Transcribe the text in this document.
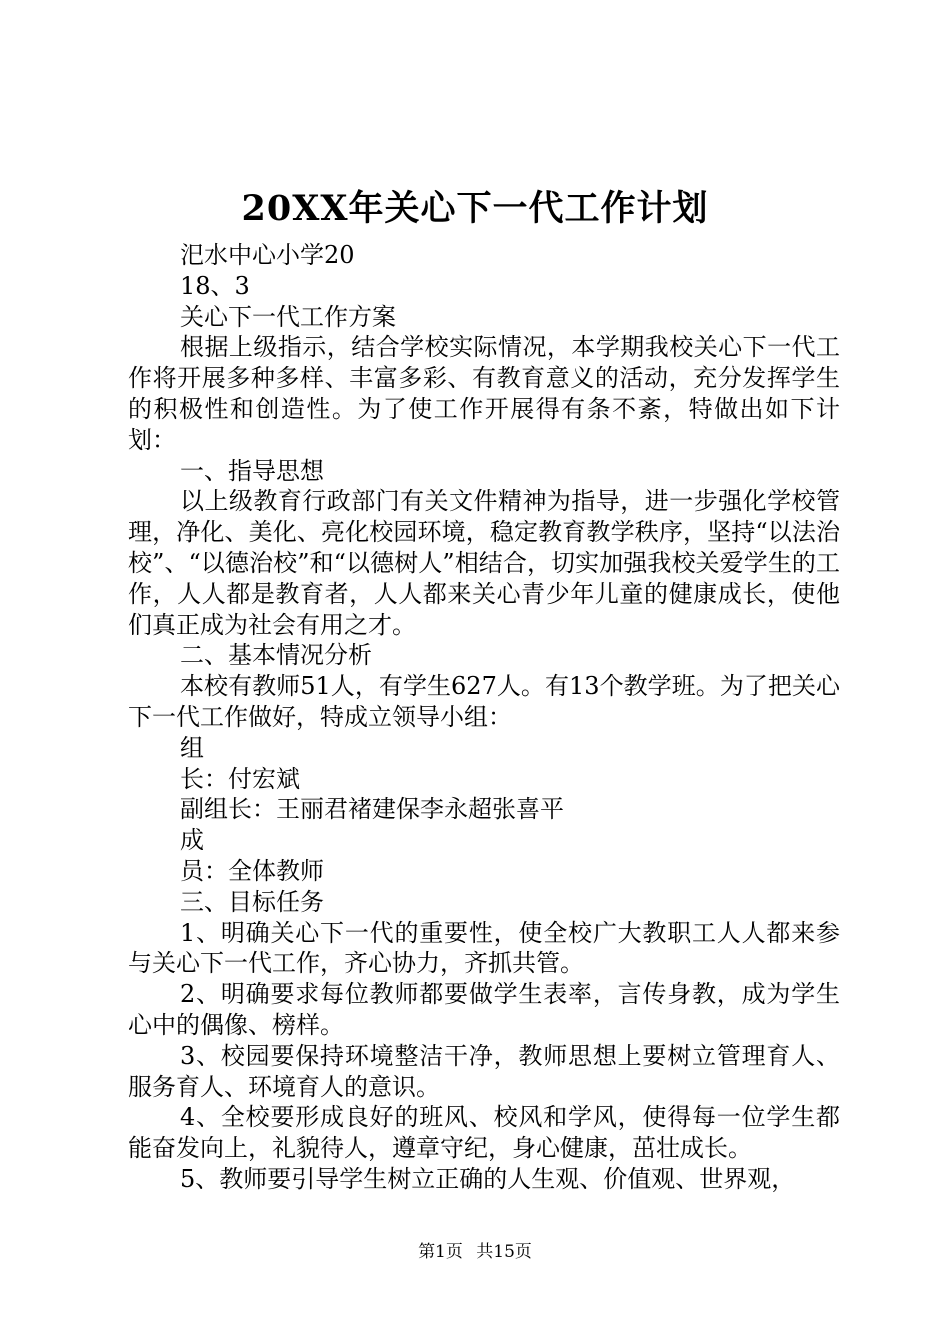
20XX年关心下一代工作计划

汜水中心小学20

18、3

关心下一代工作方案

根据上级指示，结合学校实际情况，本学期我校关心下一代工作将开展多种多样、丰富多彩、有教育意义的活动，充分发挥学生的积极性和创造性。为了使工作开展得有条不紊，特做出如下计划：

一、指导思想

以上级教育行政部门有关文件精神为指导，进一步强化学校管理，净化、美化、亮化校园环境，稳定教育教学秩序，坚持“以法治校”、“以德治校”和“以德树人”相结合，切实加强我校关爱学生的工作，人人都是教育者，人人都来关心青少年儿童的健康成长，使他们真正成为社会有用之才。

二、基本情况分析

本校有教师51人，有学生627人。有13个教学班。为了把关心下一代工作做好，特成立领导小组：

组

长：付宏斌

副组长：王丽君褚建保李永超张喜平

成

员：全体教师

三、目标任务

1、明确关心下一代的重要性，使全校广大教职工人人都来参与关心下一代工作，齐心协力，齐抓共管。

2、明确要求每位教师都要做学生表率，言传身教，成为学生心中的偶像、榜样。

3、校园要保持环境整洁干净，教师思想上要树立管理育人、服务育人、环境育人的意识。

4、全校要形成良好的班风、校风和学风，使得每一位学生都能奋发向上，礼貌待人，遵章守纪，身心健康，茁壮成长。

5、教师要引导学生树立正确的人生观、价值观、世界观，

第1页 共15页
